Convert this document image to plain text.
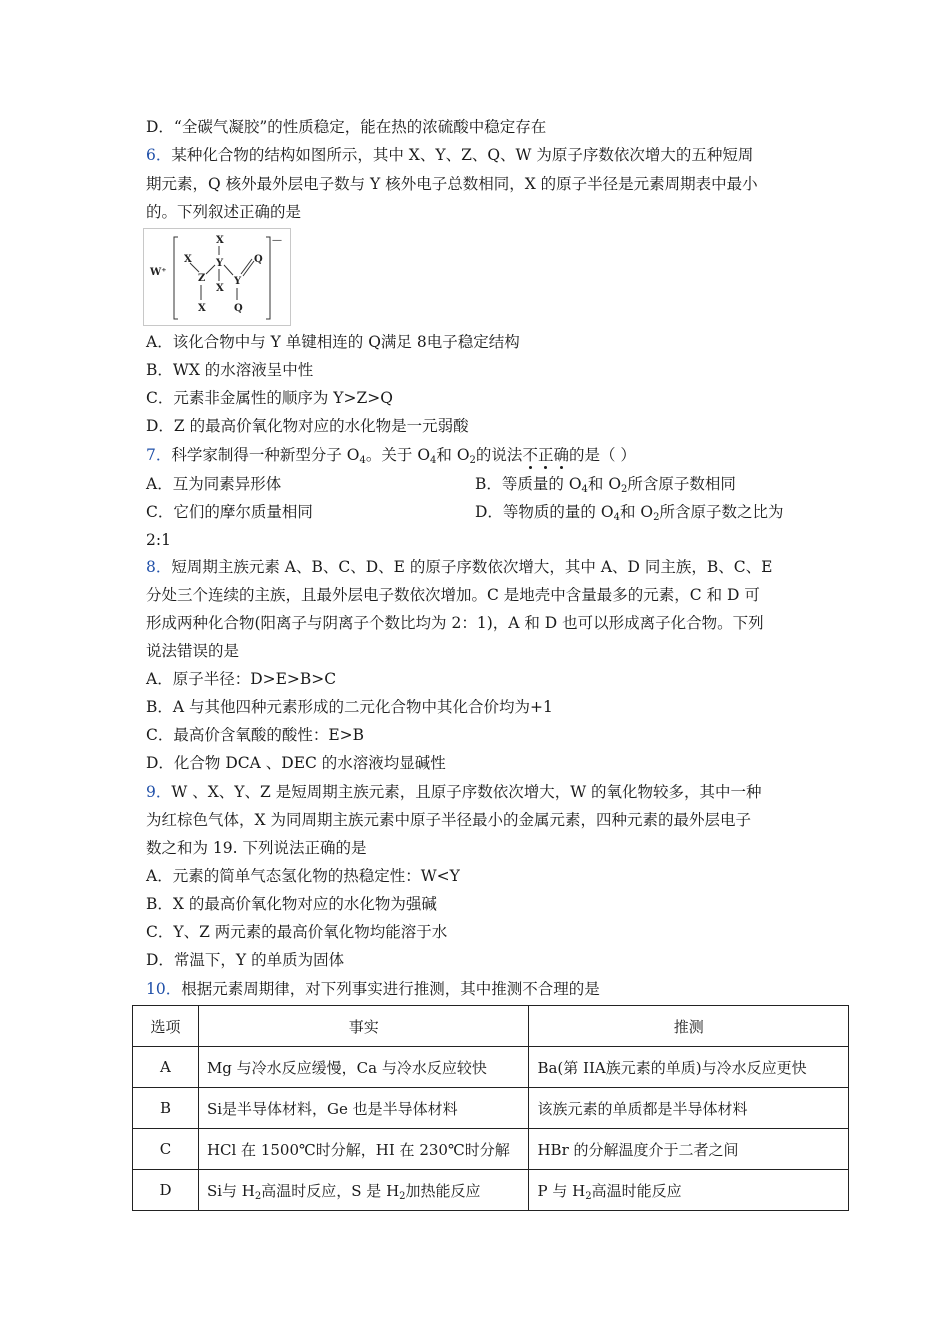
D．“全碳气凝胶”的性质稳定，能在热的浓硫酸中稳定存在
6．某种化合物的结构如图所示，其中 X、Y、Z、Q、W 为原子序数依次增大的五种短周
期元素，Q 核外最外层电子数与 Y 核外电子总数相同，X 的原子半径是元素周期表中最小
的。下列叙述正确的是
W⁺
X
X Y
Z
X
X
Y
Q
Q
—
A．该化合物中与 Y 单键相连的 Q满足 8电子稳定结构
B．WX 的水溶液呈中性
C．元素非金属性的顺序为 Y>Z>Q
D．Z 的最高价氧化物对应的水化物是一元弱酸
7．科学家制得一种新型分子 $O_4$。关于 $O_4$和 $O_2$的说法不正确的是（ ）
A．互为同素异形体	B．等质量的 $O_4$和 $O_2$所含原子数相同
C．它们的摩尔质量相同	D．等物质的量的 $O_4$和 $O_2$所含原子数之比为
2:1
8．短周期主族元素 A、B、C、D、E 的原子序数依次增大，其中 A、D 同主族，B、C、E
分处三个连续的主族，且最外层电子数依次增加。C 是地壳中含量最多的元素，C 和 D 可
形成两种化合物(阳离子与阴离子个数比均为 2：1)，A 和 D 也可以形成离子化合物。下列
说法错误的是
A．原子半径：D>E>B>C
B．A 与其他四种元素形成的二元化合物中其化合价均为+1
C．最高价含氧酸的酸性：E>B
D．化合物 DCA 、DEC 的水溶液均显碱性
9．W 、X、Y、Z 是短周期主族元素，且原子序数依次增大，W 的氧化物较多，其中一种
为红棕色气体，X 为同周期主族元素中原子半径最小的金属元素，四种元素的最外层电子
数之和为 19. 下列说法正确的是
A．元素的简单气态氢化物的热稳定性：W<Y
B．X 的最高价氧化物对应的水化物为强碱
C．Y、Z 两元素的最高价氧化物均能溶于水
D．常温下，Y 的单质为固体
10．根据元素周期律，对下列事实进行推测，其中推测不合理的是
选项	事实	推测
A	Mg 与冷水反应缓慢，Ca 与冷水反应较快	Ba(第 IIA族元素的单质)与冷水反应更快
B	Si是半导体材料，Ge 也是半导体材料	该族元素的单质都是半导体材料
C	HCl 在 1500℃时分解，HI 在 230℃时分解	HBr 的分解温度介于二者之间
D	Si与 $H_2$高温时反应，S 是 $H_2$加热能反应	P 与 $H_2$高温时能反应
